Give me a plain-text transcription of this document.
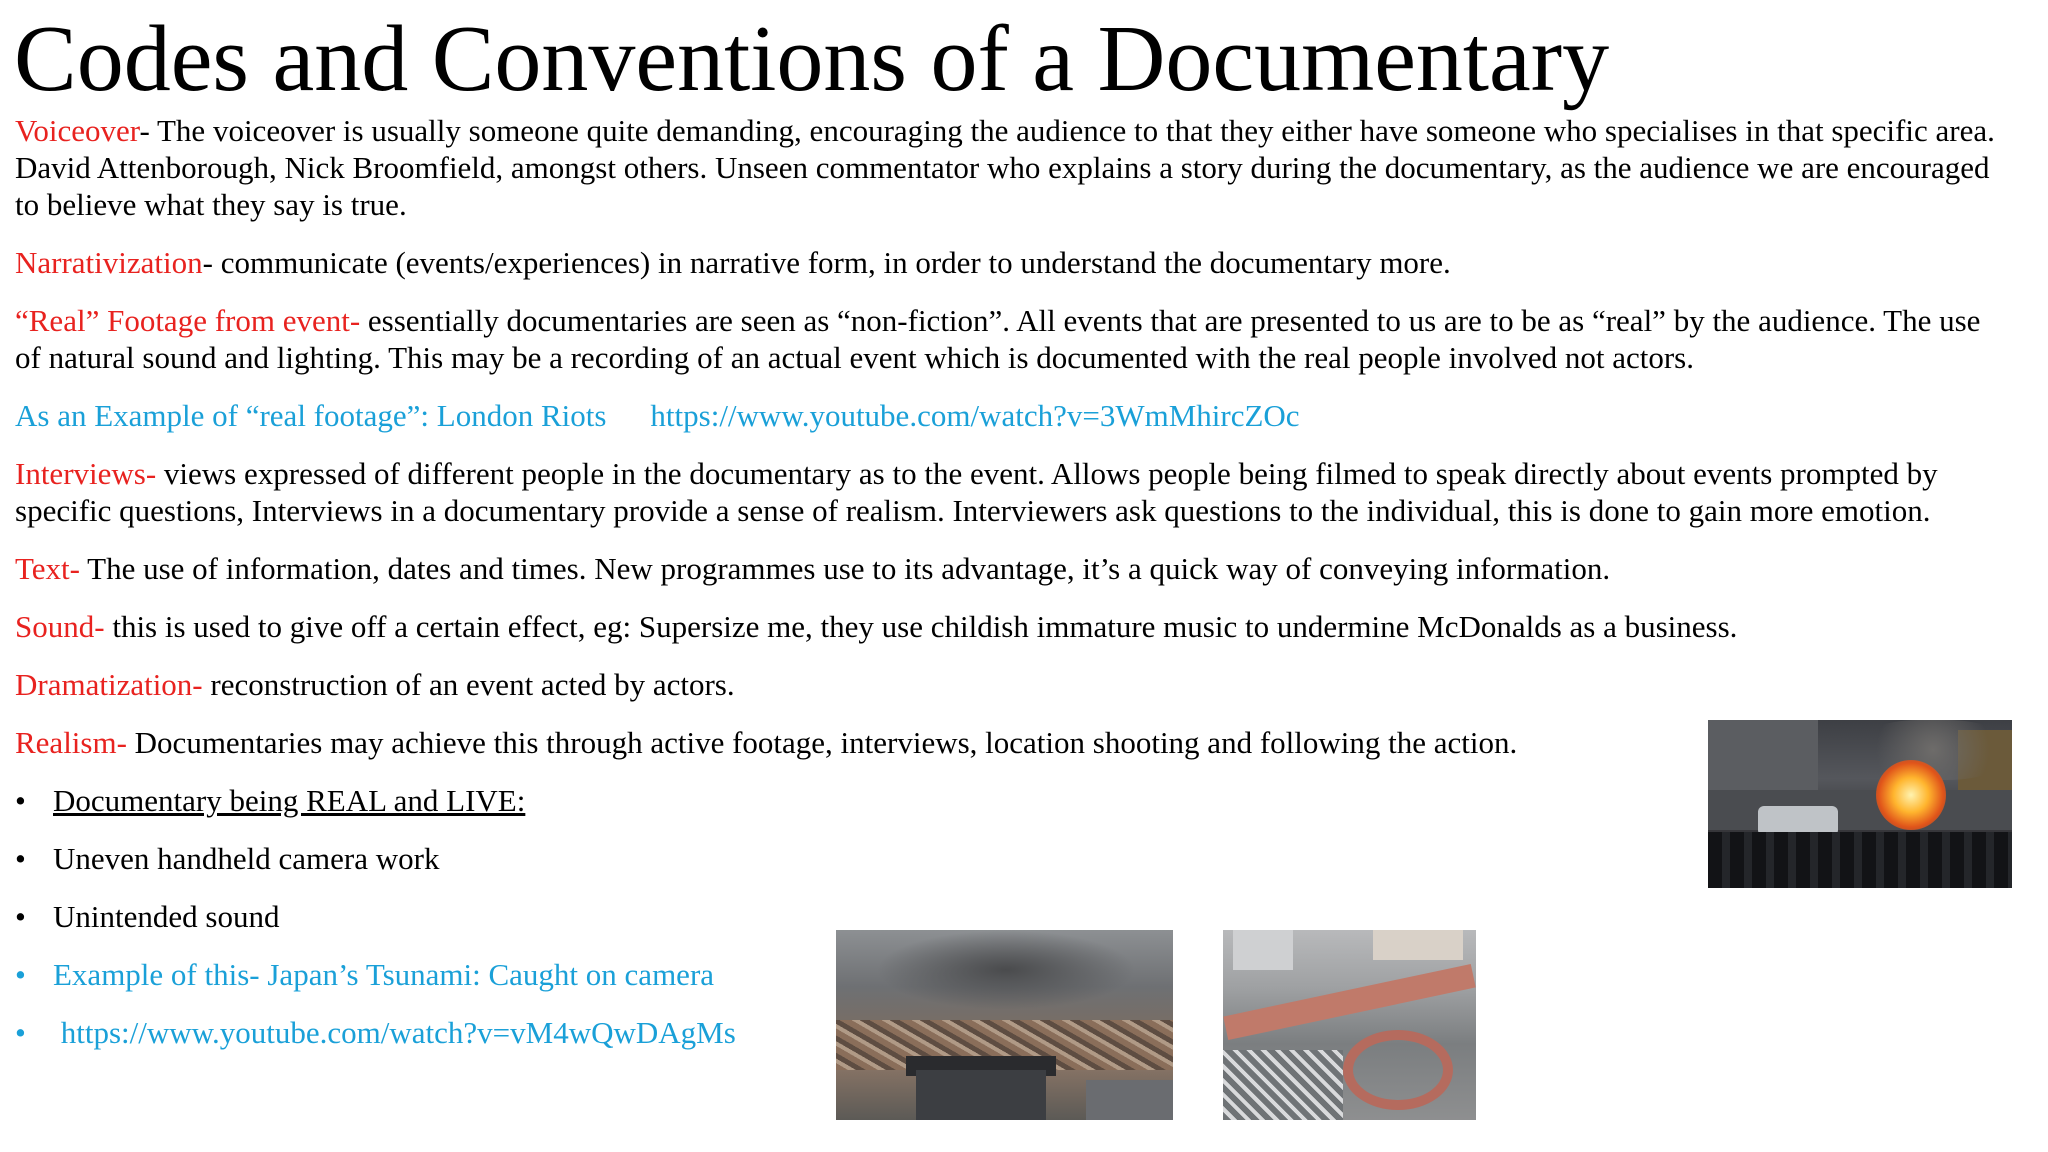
Codes and Conventions of a Documentary

Voiceover- The voiceover is usually someone quite demanding, encouraging the audience to that they either have someone who specialises in that specific area. David Attenborough, Nick Broomfield, amongst others. Unseen commentator who explains a story during the documentary, as the audience we are encouraged to believe what they say is true.

Narrativization- communicate (events/experiences) in narrative form, in order to understand the documentary more.

“Real” Footage from event- essentially documentaries are seen as “non-fiction”. All events that are presented to us are to be as “real” by the audience. The use of natural sound and lighting. This may be a recording of an actual event which is documented with the real people involved not actors.

As an Example of “real footage”: London Riots https://www.youtube.com/watch?v=3WmMhircZOc

Interviews- views expressed of different people in the documentary as to the event. Allows people being filmed to speak directly about events prompted by specific questions, Interviews in a documentary provide a sense of realism. Interviewers ask questions to the individual, this is done to gain more emotion.

Text- The use of information, dates and times. New programmes use to its advantage, it’s a quick way of conveying information.

Sound- this is used to give off a certain effect, eg: Supersize me, they use childish immature music to undermine McDonalds as a business.

Dramatization- reconstruction of an event acted by actors.

Realism- Documentaries may achieve this through active footage, interviews, location shooting and following the action.

• Documentary being REAL and LIVE:
• Uneven handheld camera work
• Unintended sound
• Example of this- Japan’s Tsunami: Caught on camera
• https://www.youtube.com/watch?v=vM4wQwDAgMs
